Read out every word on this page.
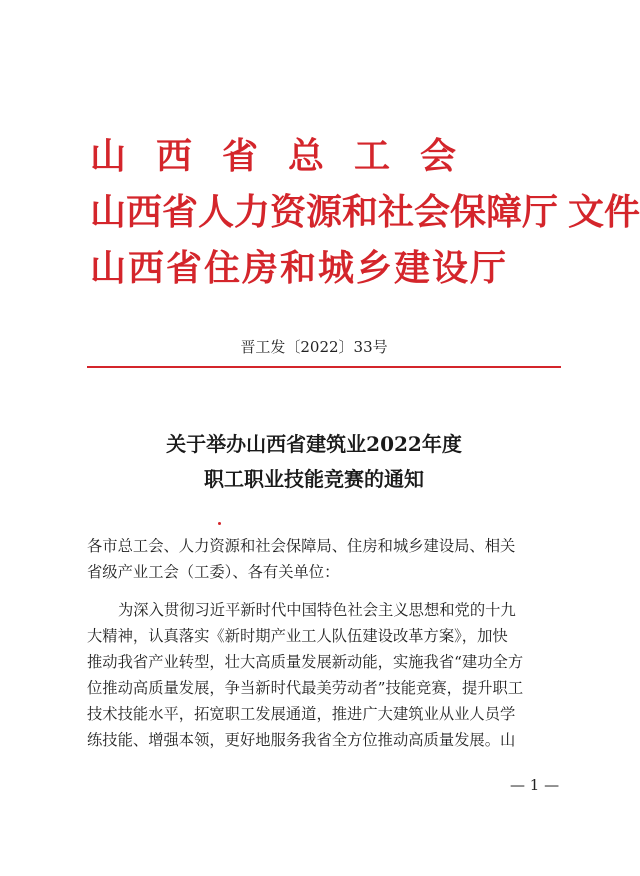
山西省总工会
山西省人力资源和社会保障厅 文件
山西省住房和城乡建设厅
晋工发〔2022〕33号
关于举办山西省建筑业2022年度
职工职业技能竞赛的通知
各市总工会、人力资源和社会保障局、住房和城乡建设局、相关
省级产业工会（工委）、各有关单位：
为深入贯彻习近平新时代中国特色社会主义思想和党的十九
大精神，认真落实《新时期产业工人队伍建设改革方案》，加快
推动我省产业转型，壮大高质量发展新动能，实施我省“建功全方
位推动高质量发展，争当新时代最美劳动者”技能竞赛，提升职工
技术技能水平，拓宽职工发展通道，推进广大建筑业从业人员学
练技能、增强本领，更好地服务我省全方位推动高质量发展。山
— 1 —
